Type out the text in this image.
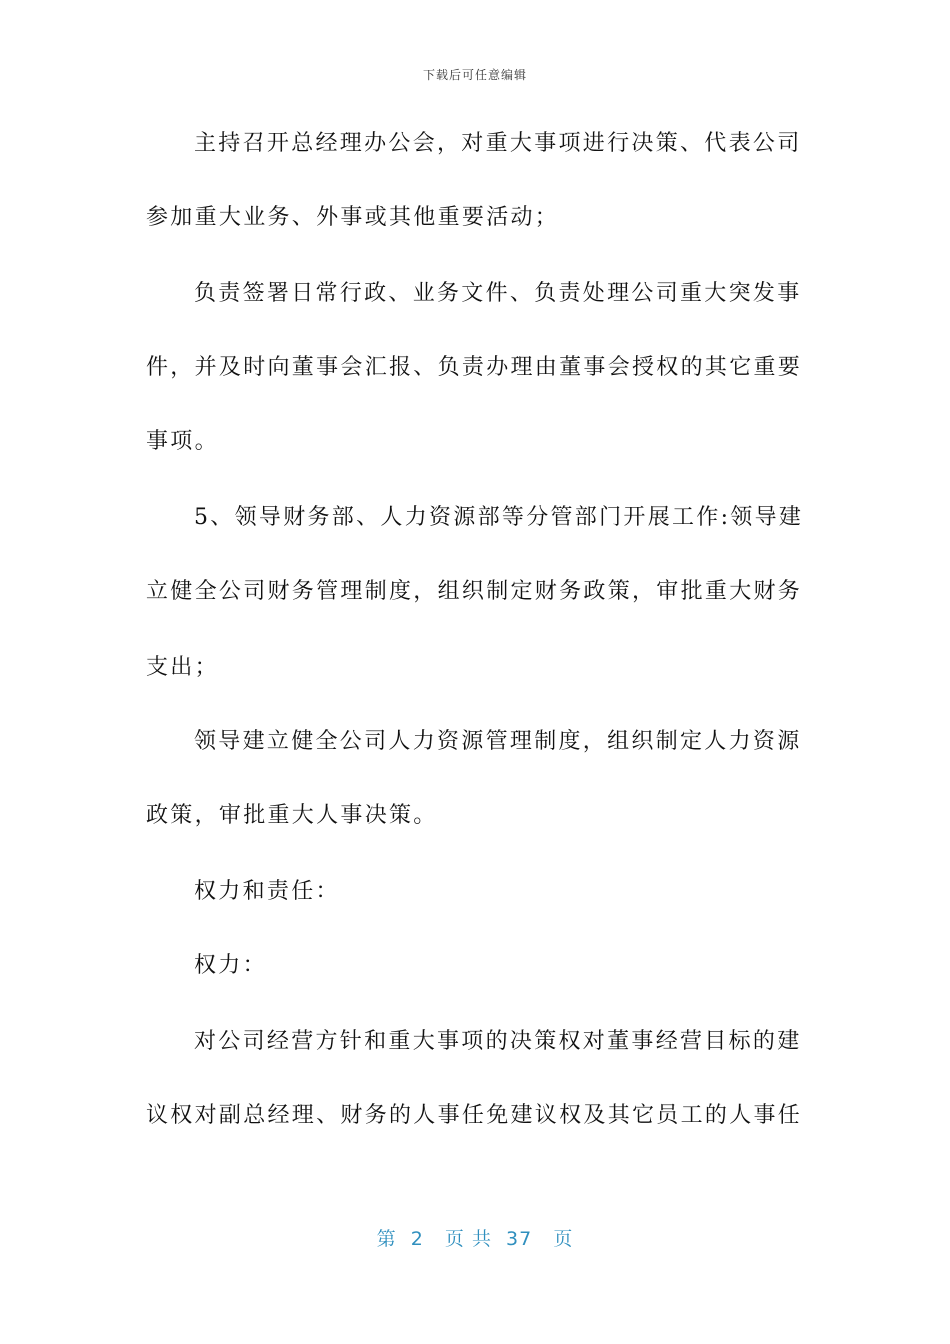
下载后可任意编辑
主持召开总经理办公会，对重大事项进行决策、代表公司
参加重大业务、外事或其他重要活动；
负责签署日常行政、业务文件、负责处理公司重大突发事
件，并及时向董事会汇报、负责办理由董事会授权的其它重要
事项。
5、领导财务部、人力资源部等分管部门开展工作:领导建
立健全公司财务管理制度，组织制定财务政策，审批重大财务
支出；
领导建立健全公司人力资源管理制度，组织制定人力资源
政策，审批重大人事决策。
权力和责任：
权力：
对公司经营方针和重大事项的决策权对董事经营目标的建
议权对副总经理、财务的人事任免建议权及其它员工的人事任
第  2   页 共  37   页
